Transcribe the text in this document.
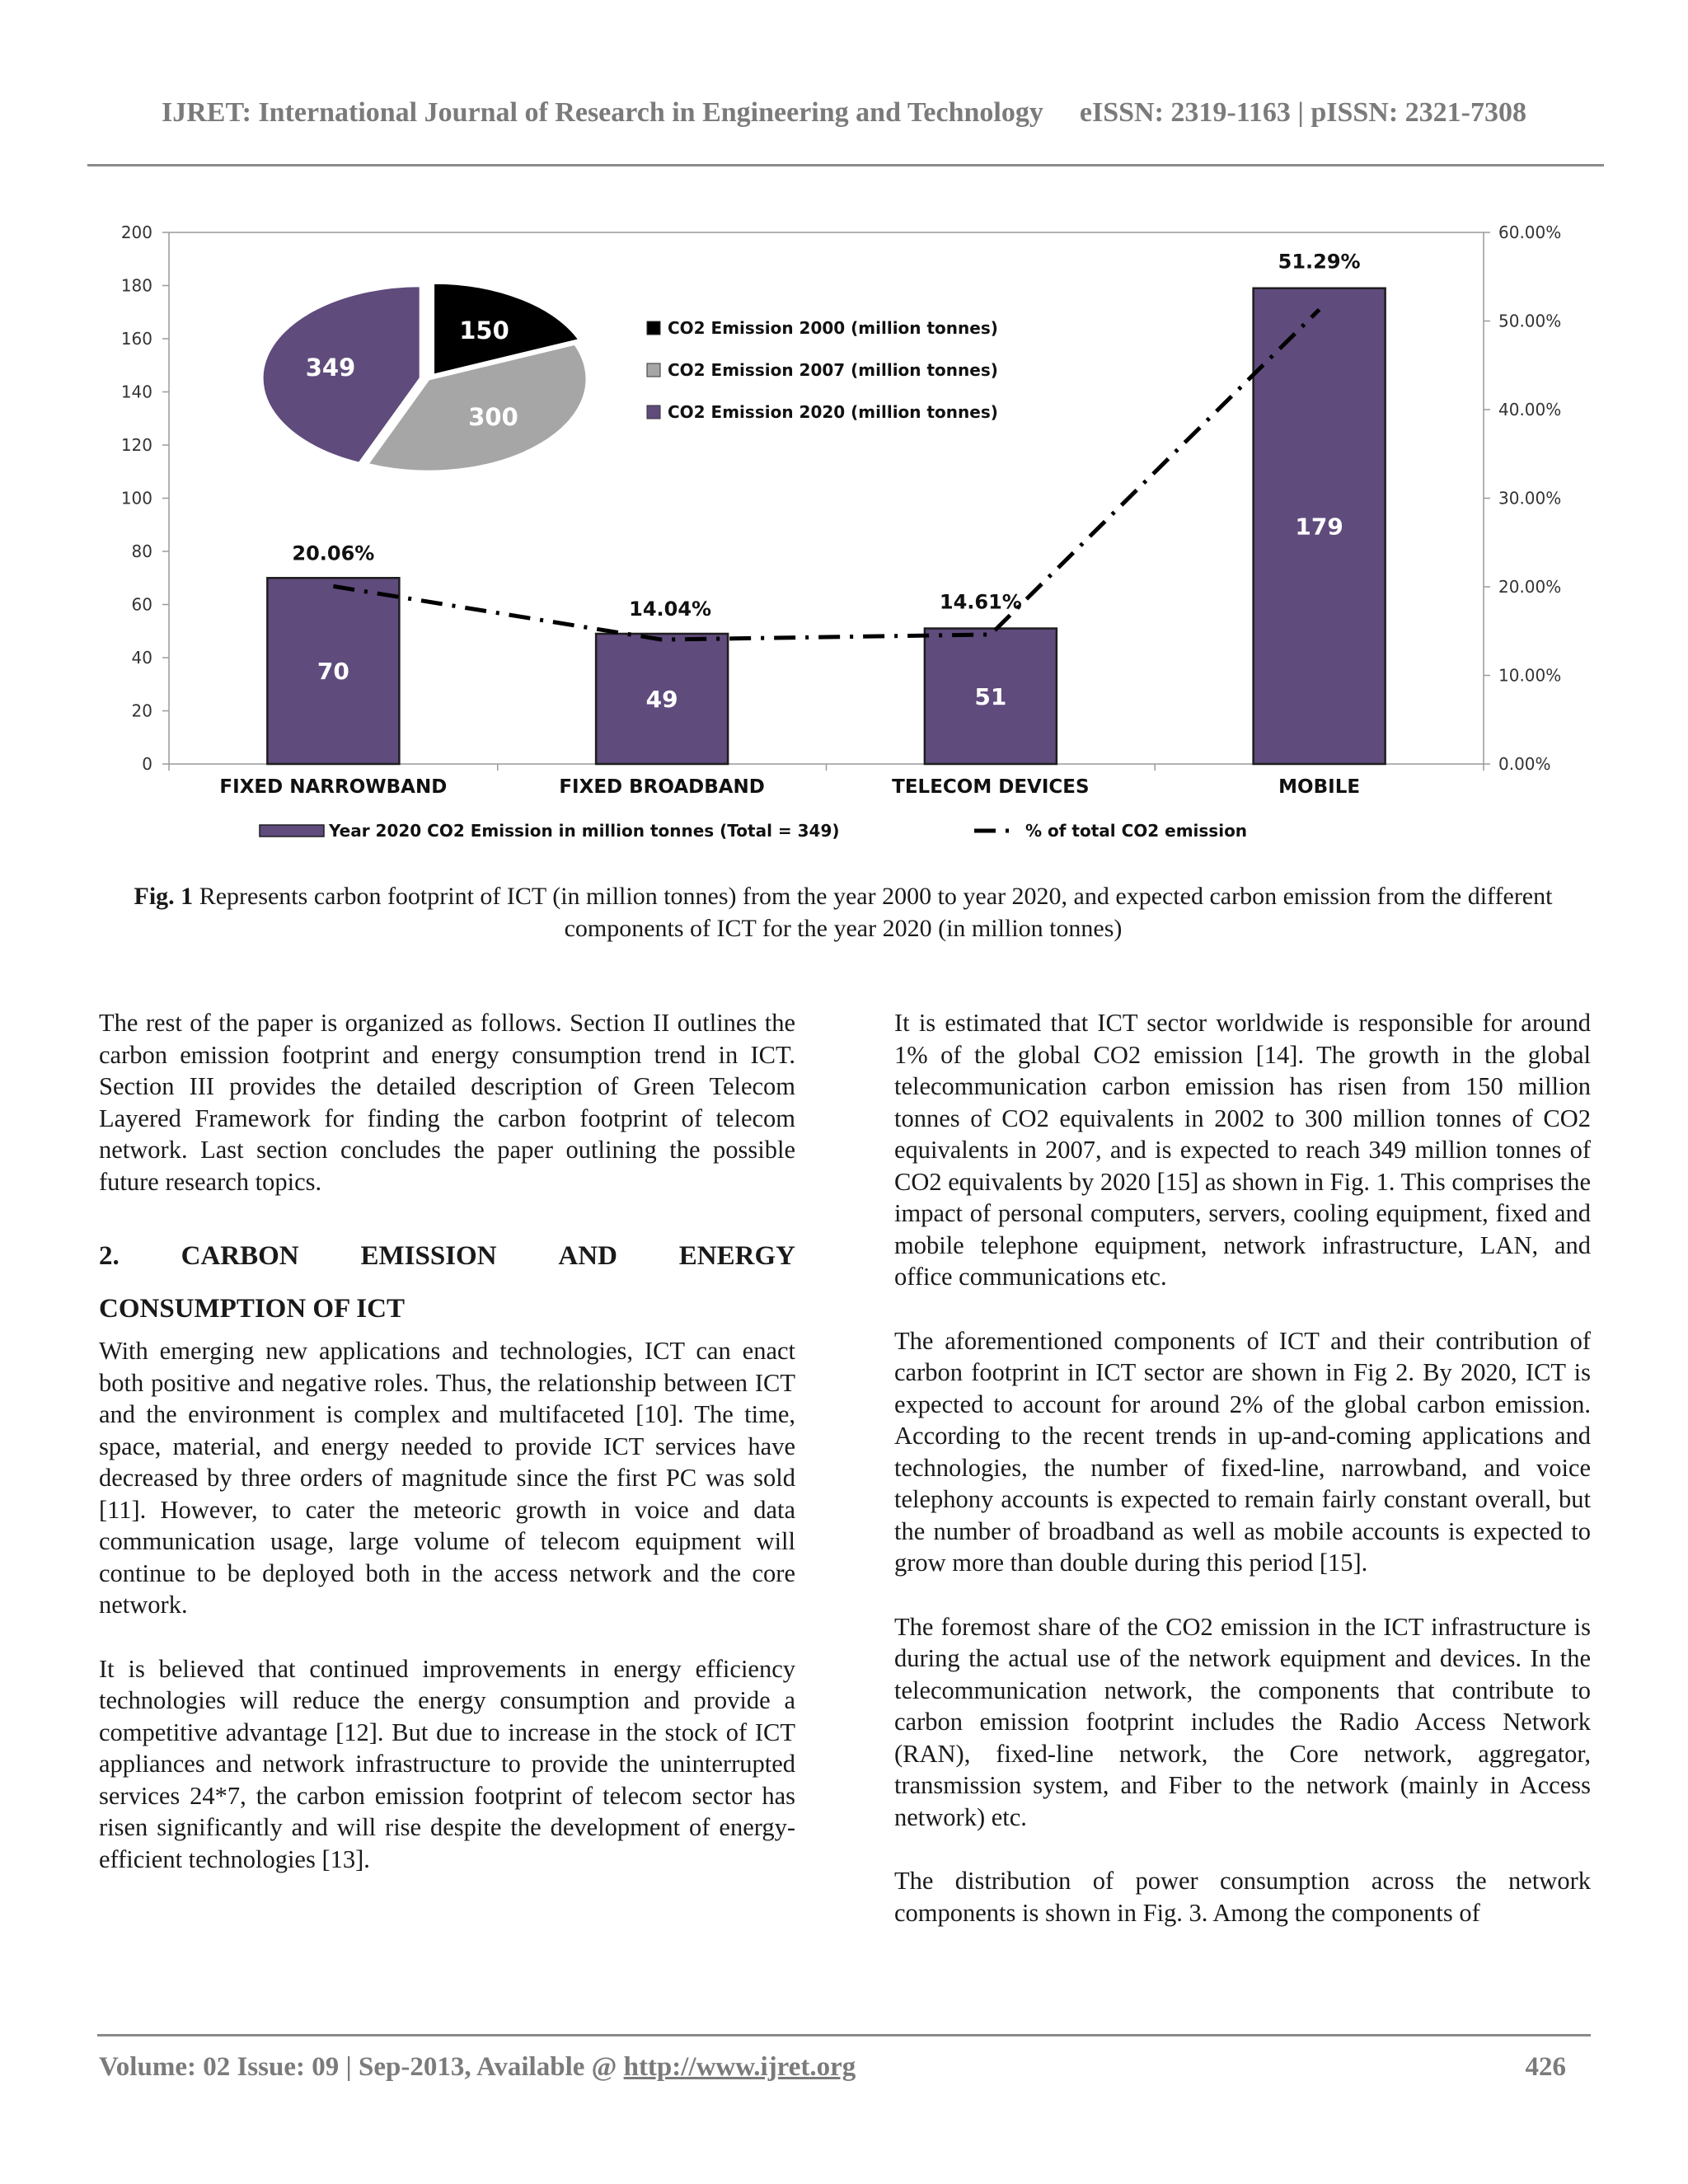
IJRET: International Journal of Research in Engineering and Technology eISSN: 2319-1163 | pISSN: 2321-7308
0
20
40
60
80
100
120
140
160
180
200
0.00%
10.00%
20.00%
30.00%
40.00%
50.00%
60.00%
FIXED NARROWBAND	FIXED BROADBAND	TELECOM DEVICES	MOBILE
70
49	51
179
20.06%
14.04%	14.61%
51.29%
150
300
349
CO2 Emission 2000 (million tonnes)
CO2 Emission 2007 (million tonnes)
CO2 Emission 2020 (million tonnes)
Year 2020 CO2 Emission in million tonnes (Total = 349)	% of total CO2 emission
Fig. 1 Represents carbon footprint of ICT (in million tonnes) from the year 2000 to year 2020, and expected carbon emission from the different components of ICT for the year 2020 (in million tonnes)

The rest of the paper is organized as follows. Section II outlines the carbon emission footprint and energy consumption trend in ICT. Section III provides the detailed description of Green Telecom Layered Framework for finding the carbon footprint of telecom network. Last section concludes the paper outlining the possible future research topics.

2. CARBON EMISSION AND ENERGY
CONSUMPTION OF ICT

With emerging new applications and technologies, ICT can enact both positive and negative roles. Thus, the relationship between ICT and the environment is complex and multifaceted [10]. The time, space, material, and energy needed to provide ICT services have decreased by three orders of magnitude since the first PC was sold [11]. However, to cater the meteoric growth in voice and data communication usage, large volume of telecom equipment will continue to be deployed both in the access network and the core network.

It is believed that continued improvements in energy efficiency technologies will reduce the energy consumption and provide a competitive advantage [12]. But due to increase in the stock of ICT appliances and network infrastructure to provide the uninterrupted services 24*7, the carbon emission footprint of telecom sector has risen significantly and will rise despite the development of energy-efficient technologies [13].

It is estimated that ICT sector worldwide is responsible for around 1% of the global CO2 emission [14]. The growth in the global telecommunication carbon emission has risen from 150 million tonnes of CO2 equivalents in 2002 to 300 million tonnes of CO2 equivalents in 2007, and is expected to reach 349 million tonnes of CO2 equivalents by 2020 [15] as shown in Fig. 1. This comprises the impact of personal computers, servers, cooling equipment, fixed and mobile telephone equipment, network infrastructure, LAN, and office communications etc.

The aforementioned components of ICT and their contribution of carbon footprint in ICT sector are shown in Fig 2. By 2020, ICT is expected to account for around 2% of the global carbon emission. According to the recent trends in up-and-coming applications and technologies, the number of fixed-line, narrowband, and voice telephony accounts is expected to remain fairly constant overall, but the number of broadband as well as mobile accounts is expected to grow more than double during this period [15].

The foremost share of the CO2 emission in the ICT infrastructure is during the actual use of the network equipment and devices. In the telecommunication network, the components that contribute to carbon emission footprint includes the Radio Access Network (RAN), fixed-line network, the Core network, aggregator, transmission system, and Fiber to the network (mainly in Access network) etc.

The distribution of power consumption across the network components is shown in Fig. 3. Among the components of

Volume: 02 Issue: 09 | Sep-2013, Available @ http://www.ijret.org	426
